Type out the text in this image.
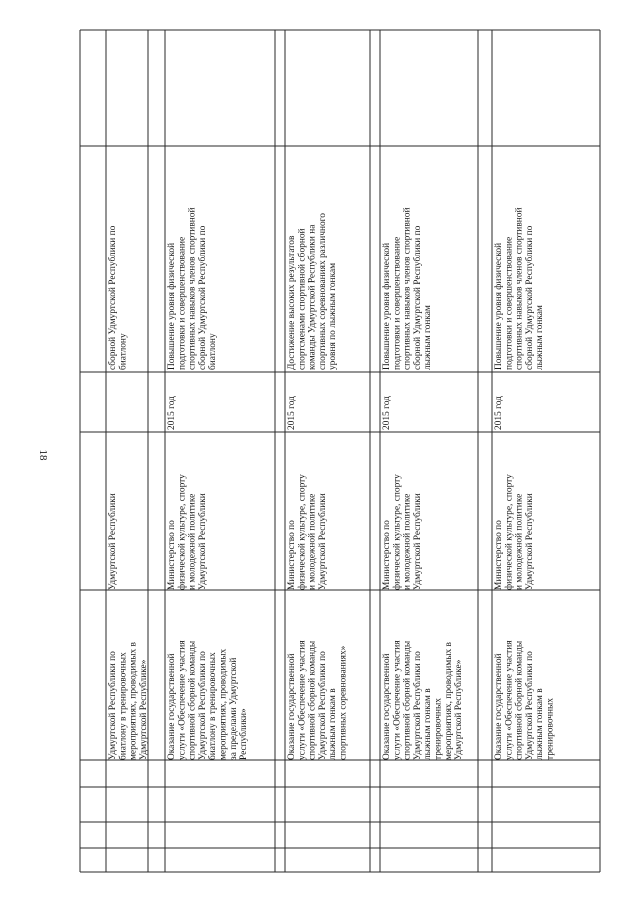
18
Удмуртской Республики побиатлону в тренировочныхмероприятиях, проводимых вУдмуртской Республике»
Удмуртской Республики
сборной Удмуртской Республики побиатлону
Оказание государственнойуслуги «Обеспечение участияспортивной сборной командыУдмуртской Республики побиатлону в тренировочныхмероприятиях, проводимыхза пределами УдмуртскойРеспублики»
Министерство пофизической культуре, спортуи молодежной политикеУдмуртской Республики
2015 год
Повышение уровня физическойподготовки и совершенствованиеспортивных навыков членов спортивнойсборной Удмуртской Республики побиатлону
Оказание государственнойуслуги «Обеспечение участияспортивной сборной командыУдмуртской Республики полыжным гонкам вспортивных соревнованиях»
Министерство пофизической культуре, спортуи молодежной политикеУдмуртской Республики
2015 год
Достижение высоких результатовспортсменами спортивной сборнойкоманды Удмуртской Республики наспортивных соревнованиях различногоуровня по лыжным гонкам
Оказание государственнойуслуги «Обеспечение участияспортивной сборной командыУдмуртской Республики полыжным гонкам втренировочныхмероприятиях, проводимых вУдмуртской Республике»
Министерство пофизической культуре, спортуи молодежной политикеУдмуртской Республики
2015 год
Повышение уровня физическойподготовки и совершенствованиеспортивных навыков членов спортивнойсборной Удмуртской Республики полыжным гонкам
Оказание государственнойуслуги «Обеспечение участияспортивной сборной командыУдмуртской Республики полыжным гонкам втренировочных
Министерство пофизической культуре, спортуи молодежной политикеУдмуртской Республики
2015 год
Повышение уровня физическойподготовки и совершенствованиеспортивных навыков членов спортивнойсборной Удмуртской Республики полыжным гонкам
